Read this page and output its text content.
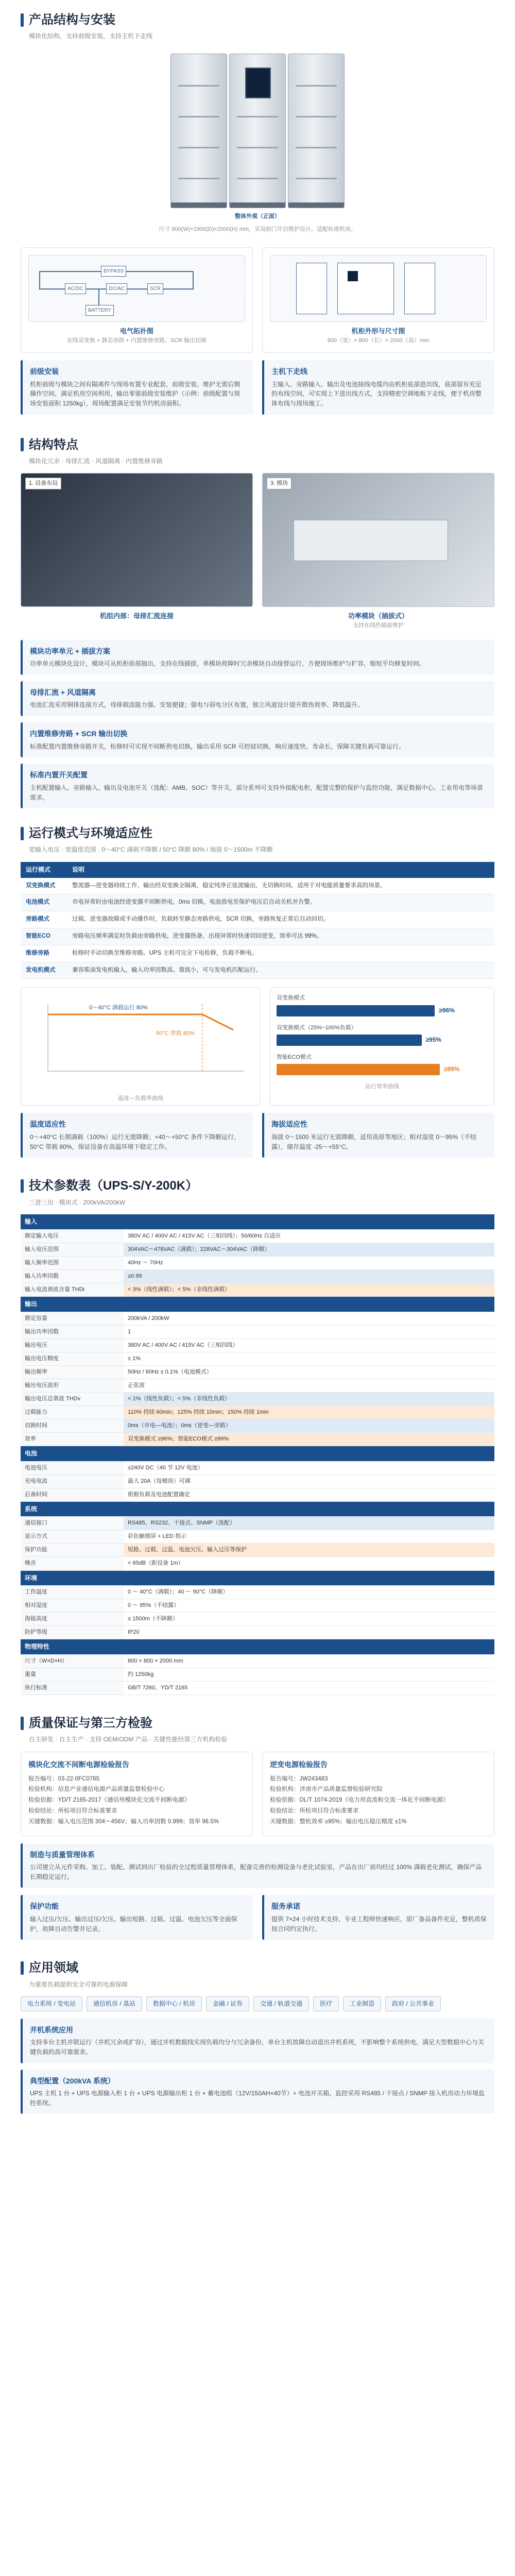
产品结构与安装
模块化结构，支持前级安装，支持主机下走线
整体外观（正面）
尺寸 800(W)×1900(D)×2000(H) mm，采用前门开启维护设计，适配标准机房。
AC/DC	DC/AC	SCR
BYPASS
BATTERY
电气拓扑图
在线双变换 + 静态旁路 + 内置维修旁路，SCR 输出切换
机柜外形与尺寸图
800（宽）× 800（长）× 2000（高）mm
前级安装
机柜前级与模块之间有隔离件与现场布置专业配套，前级安装、维护无需后侧操作空间，满足机房空间利用，输出零需前级安装维护（示例：前级配置与现场安装面积 1250kg），现场配置满足安装节约机房面积。
主机下走线
主输入、旁路输入、输出及电池接线电缆均由机柜底部进出线，底部留有充足的布线空间，可实现上下进出线方式，支持精密空调地板下走线，便于机房整体布线与现场施工。
结构特点
模块化冗余 · 母排汇流 · 风道隔离 · 内置维修旁路
1. 设备布局
机组内部：母排汇流连接
3. 模块
功率模块（插拔式）
支持在线热插拔维护
模块功率单元 + 插拔方案
功率单元模块化设计，模块可从机柜前部抽出，支持在线插拔，单模块故障时冗余模块自动接替运行，方便现场维护与扩容，缩短平均修复时间。
母排汇流 + 风道隔离
电池汇流采用铜排连接方式，母排载流能力强、安装便捷；强电与弱电分区布置，独立风道设计提升散热效率、降低温升。
内置维修旁路 + SCR 输出切换
标准配置内置维修旁路开关，检修时可实现不间断供电切换，输出采用 SCR 可控硅切换，响应速度快、寿命长，保障关键负载可靠运行。
标准内置开关配置
主机配置输入、旁路输入、输出及电池开关（选配：AMB、SOC）等开关，部分系列可支持外接配电柜，配置完整的保护与监控功能，满足数据中心、工业用电等场景需求。
运行模式与环境适应性
宽输入电压 · 宽温度范围 · 0～40°C 满载不降额 / 50°C 降额 80% / 海拔 0～1500m 不降额
运行模式	说明
双变换模式	整流器—逆变器持续工作，输出经双变换全隔离，稳定纯净正弦波输出，无切换时间，适用于对电能质量要求高的场景。
电池模式	市电异常时由电池经逆变器不间断供电，0ms 切换，电池放电至保护电压后自动关机并告警。
旁路模式	过载、逆变器故障或手动操作时，负载转至静态旁路供电，SCR 切换，旁路恢复正常后自动回切。
智能ECO	旁路电压频率满足时负载由旁路供电，逆变器热备，出现异常时快速切回逆变，效率可达 99%。
维修旁路	检修时手动切换至维修旁路，UPS 主机可完全下电检修，负载不断电。
发电机模式	兼容柴油发电机输入，输入功率因数高、谐波小，可与发电机匹配运行。
0～40°C 满载运行 80%
50°C 带载 80%
温度—负载率曲线
双变换模式
≥96%
双变换模式（25%~100%负载）
≥95%
智能ECO模式
≥99%
运行效率曲线
温度适应性
0～+40°C 长期满载（100%）运行无需降额；+40～+50°C 条件下降额运行，50°C 带载 80%，保证设备在高温环境下稳定工作。
海拔适应性
海拔 0～1500 米运行无需降额，适用高原等地区；相对湿度 0～95%（不结露），储存温度 -25～+55°C。
技术参数表（UPS-S/Y-200K）
三进三出 · 模块式 · 200kVA/200kW
输入	
额定输入电压	380V AC / 400V AC / 415V AC（三相四线）；50/60Hz 自适应
输入电压范围	304VAC～478VAC（满载）；228VAC～304VAC（降额）
输入频率范围	40Hz ～ 70Hz
输入功率因数	≥0.99
输入电流谐波含量 THDi	< 3%（线性满载）；< 5%（非线性满载）
输出	
额定容量	200kVA / 200kW
输出功率因数	1
输出电压	380V AC / 400V AC / 415V AC（三相四线）
输出电压精度	± 1%
输出频率	50Hz / 60Hz ± 0.1%（电池模式）
输出电压波形	正弦波
输出电压总谐波 THDv	< 1%（线性负载）；< 5%（非线性负载）
过载能力	110% 持续 60min；125% 持续 10min；150% 持续 1min
切换时间	0ms（市电—电池）；0ms（逆变—旁路）
效率	双变换模式 ≥96%；智能ECO模式 ≥99%
电池	
电池电压	±240V DC（40 节 12V 电池）
充电电流	最大 20A（每模块）可调
后备时间	根据负载及电池配置确定
系统	
通信接口	RS485、RS232、干接点、SNMP（选配）
显示方式	彩色触摸屏 + LED 指示
保护功能	短路、过载、过温、电池欠压、输入过压等保护
噪音	< 65dB（距设备 1m）
环境	
工作温度	0 ～ 40°C（满载）；40 ～ 50°C（降额）
相对湿度	0 ～ 95%（不结露）
海拔高度	≤ 1500m（不降额）
防护等级	IP20
物理特性	
尺寸（W×D×H）	800 × 800 × 2000 mm
重量	约 1250kg
执行标准	GB/T 7260、YD/T 2165
质量保证与第三方检验
自主研发 · 自主生产 · 支持 OEM/ODM 产品 · 关键性能经第三方机构检验
模块化交流不间断电源检验报告
报告编号：03-22-0FC0765
检验机构：信息产业通信电源产品质量监督检验中心
检验依据：YD/T 2165-2017《通信用模块化交流不间断电源》
检验结论：所检项目符合标准要求
关键数据：输入电压范围 304～456V；输入功率因数 0.999；效率 96.5%
逆变电源检验报告
报告编号：JW243483
检验机构：济南市产品质量监督检验研究院
检验依据：DL/T 1074-2019《电力用直流和交流一体化不间断电源》
检验结论：所检项目符合标准要求
关键数据：整机效率 ≥95%；输出电压稳压精度 ±1%
制造与质量管理体系
公司建立从元件采购、加工、装配、测试到出厂检验的全过程质量管理体系，配备完善的检测设备与老化试验室，产品在出厂前均经过 100% 满载老化测试，确保产品长期稳定运行。
保护功能
输入过压/欠压、输出过压/欠压、输出短路、过载、过温、电池欠压等全面保护，故障自动告警并记录。
服务承诺
提供 7×24 小时技术支持，专业工程师快速响应，原厂备品备件充足，整机质保按合同约定执行。
应用领域
为重要负载提供安全可靠的电源保障
电力系统 / 变电站	通信机房 / 基站	数据中心 / 机房	金融 / 证券	交通 / 轨道交通	医疗	工业制造	政府 / 公共事业
并机系统应用
支持多台主机并联运行（并机冗余或扩容），通过并机数据线实现负载均分与冗余备份，单台主机故障自动退出并机系统，不影响整个系统供电，满足大型数据中心与关键负载的高可靠需求。
典型配置（200kVA 系统）
UPS 主机 1 台 + UPS 电源输入柜 1 台 + UPS 电源输出柜 1 台 + 蓄电池组（12V/150AH×40节）+ 电池开关箱，监控采用 RS485 / 干接点 / SNMP 接入机房动力环境监控系统。
